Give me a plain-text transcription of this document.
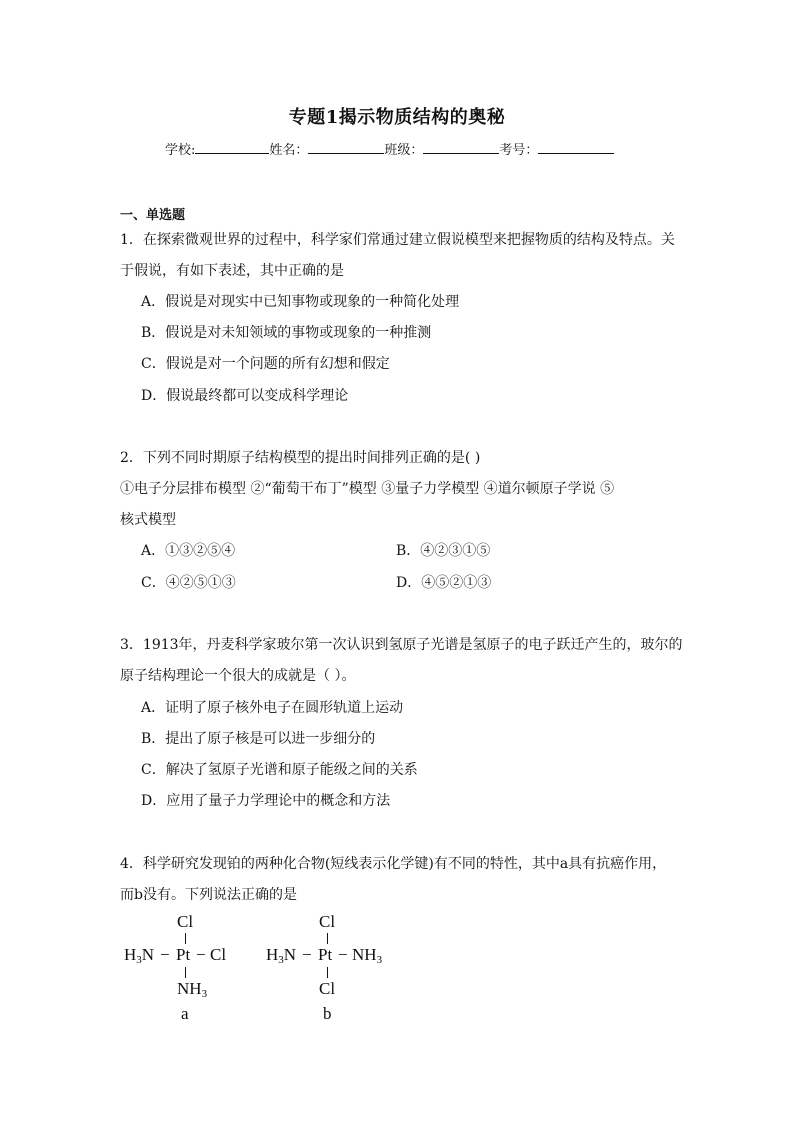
专题1揭示物质结构的奥秘
学校:	姓名：	班级：	考号：
一、单选题
1．在探索微观世界的过程中，科学家们常通过建立假说模型来把握物质的结构及特点。关
于假说，有如下表述，其中正确的是
A．假说是对现实中已知事物或现象的一种简化处理
B．假说是对未知领域的事物或现象的一种推测
C．假说是对一个问题的所有幻想和假定
D．假说最终都可以变成科学理论
2．下列不同时期原子结构模型的提出时间排列正确的是( )
①电子分层排布模型 ②“葡萄干布丁”模型 ③量子力学模型 ④道尔顿原子学说 ⑤
核式模型
A．①③②⑤④	B．④②③①⑤
C．④②⑤①③	D．④⑤②①③
3．1913年，丹麦科学家玻尔第一次认识到氢原子光谱是氢原子的电子跃迁产生的，玻尔的
原子结构理论一个很大的成就是（ ）。
A．证明了原子核外电子在圆形轨道上运动
B．提出了原子核是可以进一步细分的
C．解决了氢原子光谱和原子能级之间的关系
D．应用了量子力学理论中的概念和方法
4．科学研究发现铂的两种化合物(短线表示化学键)有不同的特性，其中a具有抗癌作用，
而b没有。下列说法正确的是
Cl
$H_3N - Pt - Cl$
$NH_3$
a
Cl
$H_3N - Pt - NH_3$
Cl
b
